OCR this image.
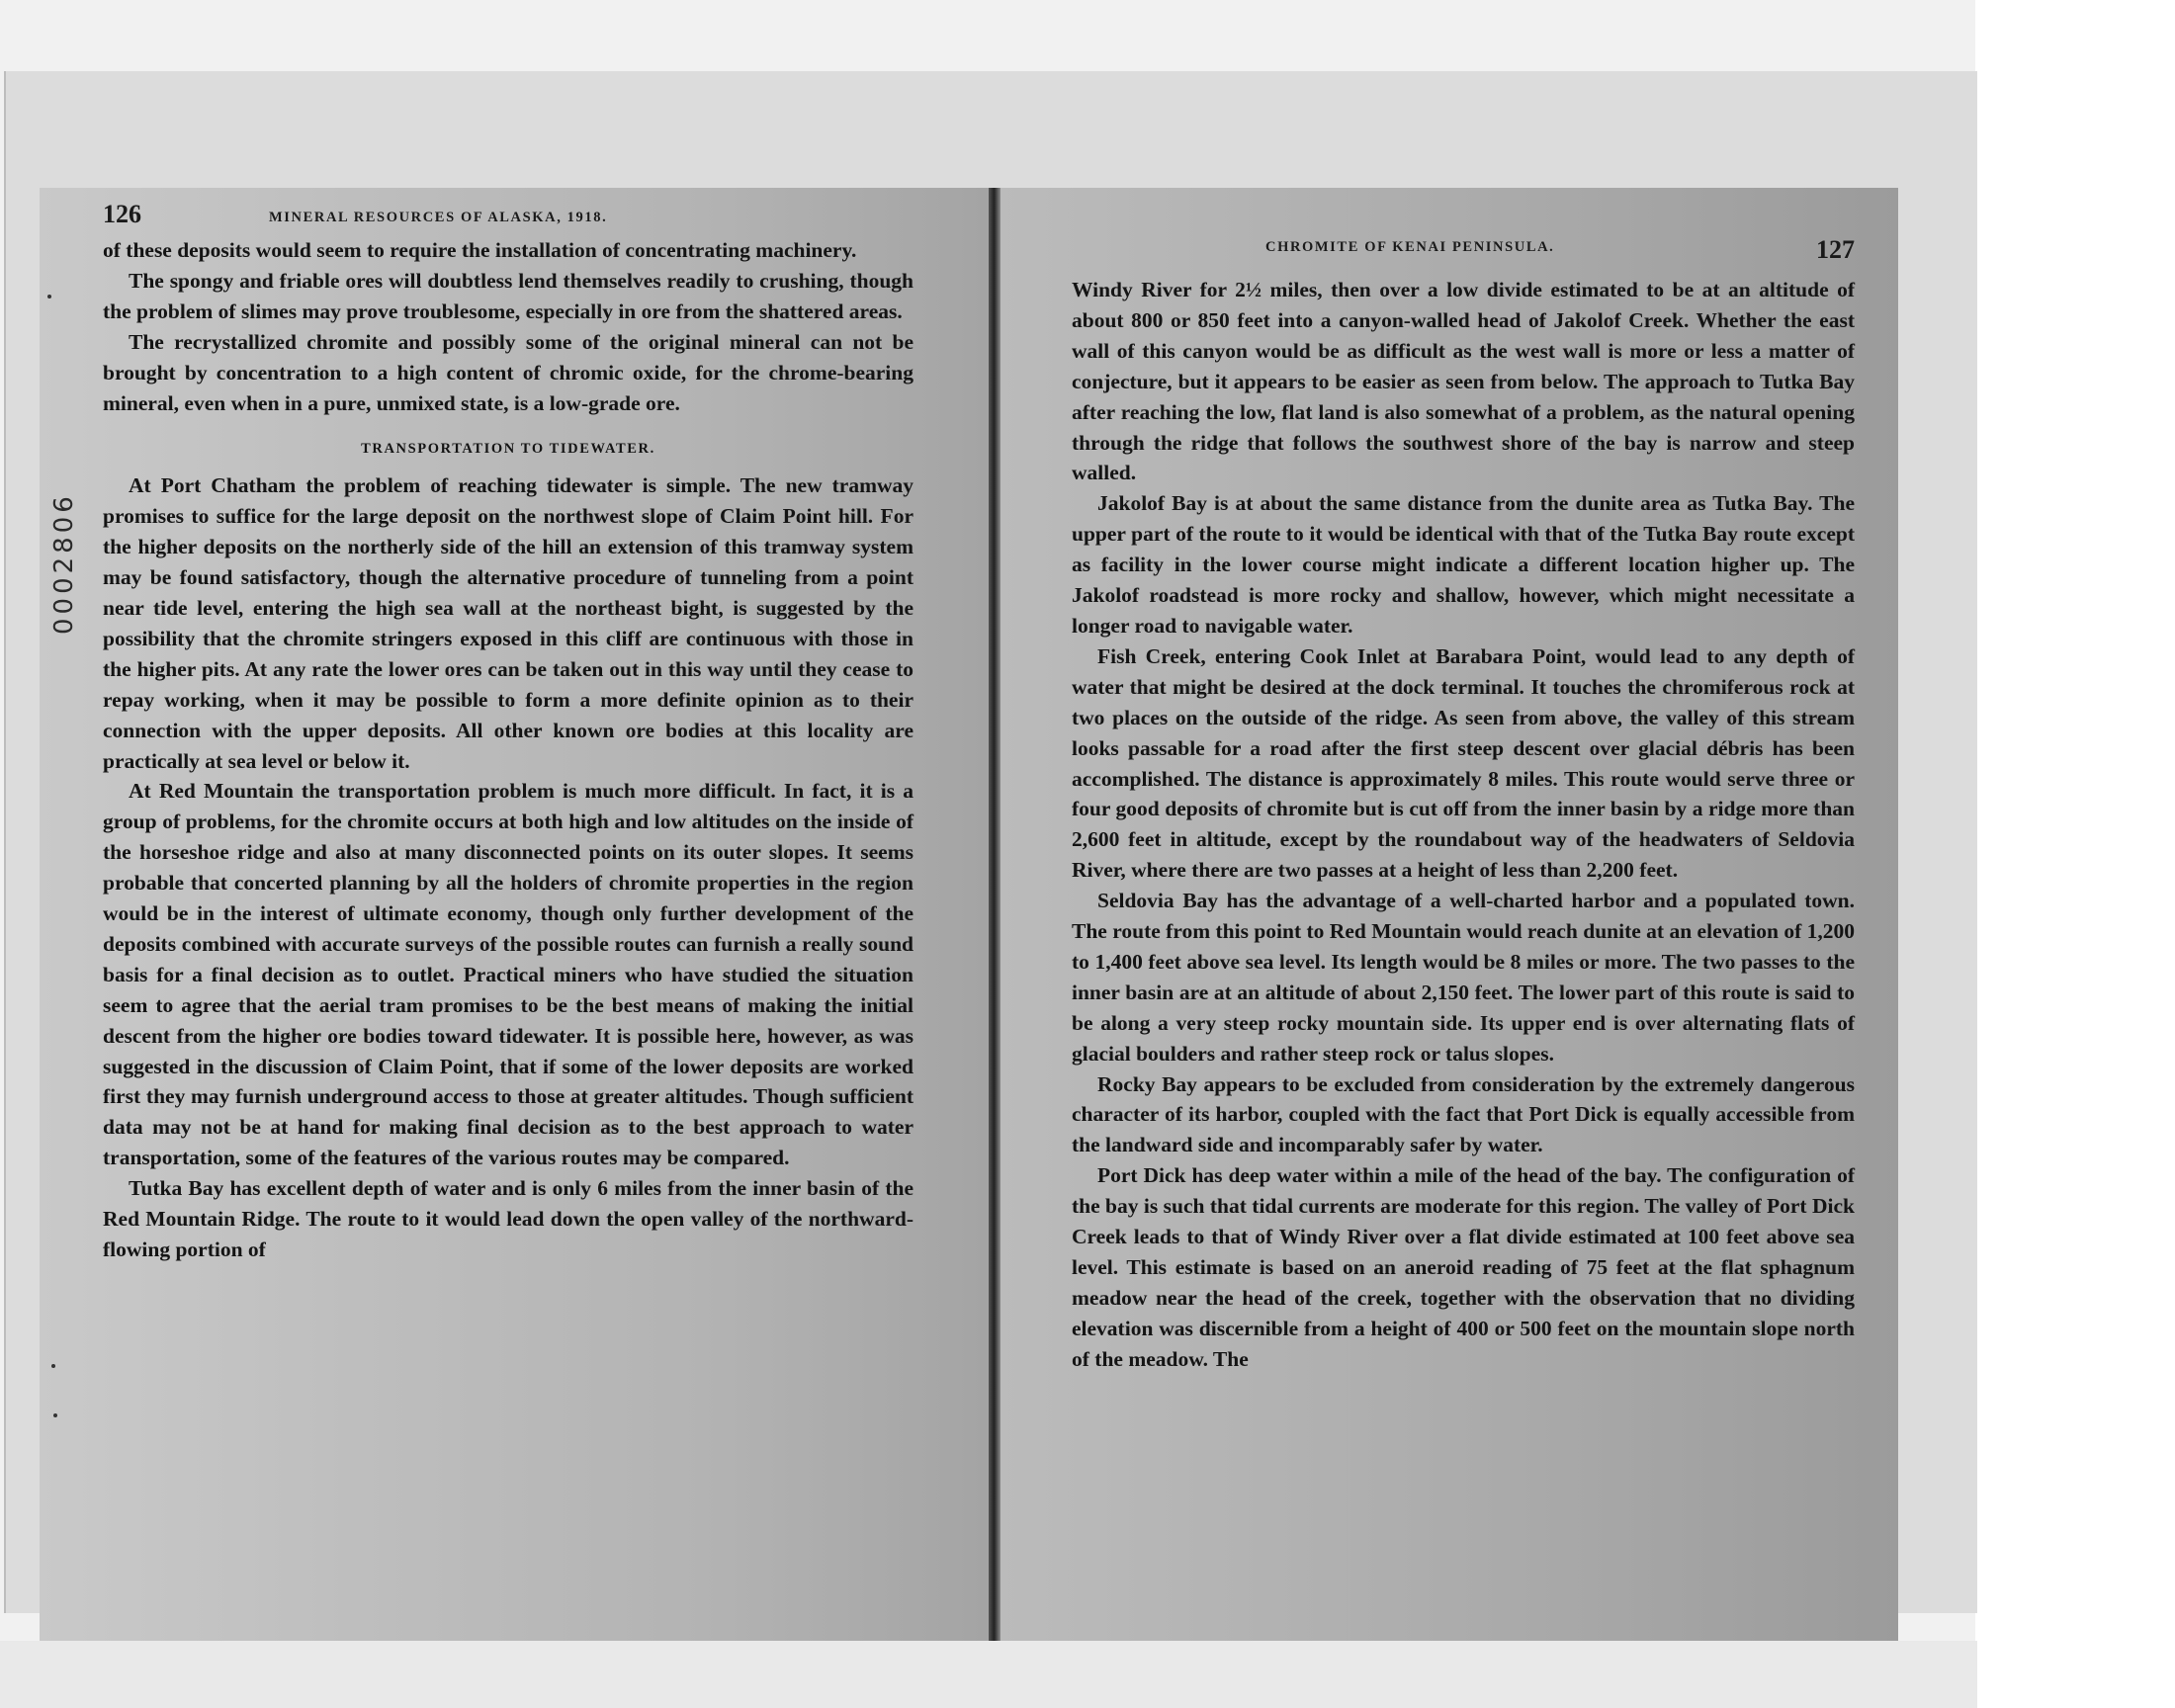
0002806
126	MINERAL RESOURCES OF ALASKA, 1918.

of these deposits would seem to require the installation of concentrating machinery.

The spongy and friable ores will doubtless lend themselves readily to crushing, though the problem of slimes may prove troublesome, especially in ore from the shattered areas.

The recrystallized chromite and possibly some of the original mineral can not be brought by concentration to a high content of chromic oxide, for the chrome-bearing mineral, even when in a pure, unmixed state, is a low-grade ore.

TRANSPORTATION TO TIDEWATER.

At Port Chatham the problem of reaching tidewater is simple. The new tramway promises to suffice for the large deposit on the northwest slope of Claim Point hill. For the higher deposits on the northerly side of the hill an extension of this tramway system may be found satisfactory, though the alternative procedure of tunneling from a point near tide level, entering the high sea wall at the northeast bight, is suggested by the possibility that the chromite stringers exposed in this cliff are continuous with those in the higher pits. At any rate the lower ores can be taken out in this way until they cease to repay working, when it may be possible to form a more definite opinion as to their connection with the upper deposits. All other known ore bodies at this locality are practically at sea level or below it.

At Red Mountain the transportation problem is much more difficult. In fact, it is a group of problems, for the chromite occurs at both high and low altitudes on the inside of the horseshoe ridge and also at many disconnected points on its outer slopes. It seems probable that concerted planning by all the holders of chromite properties in the region would be in the interest of ultimate economy, though only further development of the deposits combined with accurate surveys of the possible routes can furnish a really sound basis for a final decision as to outlet. Practical miners who have studied the situation seem to agree that the aerial tram promises to be the best means of making the initial descent from the higher ore bodies toward tidewater. It is possible here, however, as was suggested in the discussion of Claim Point, that if some of the lower deposits are worked first they may furnish underground access to those at greater altitudes. Though sufficient data may not be at hand for making final decision as to the best approach to water transportation, some of the features of the various routes may be compared.

Tutka Bay has excellent depth of water and is only 6 miles from the inner basin of the Red Mountain Ridge. The route to it would lead down the open valley of the northward-flowing portion of

CHROMITE OF KENAI PENINSULA.	127

Windy River for 2½ miles, then over a low divide estimated to be at an altitude of about 800 or 850 feet into a canyon-walled head of Jakolof Creek. Whether the east wall of this canyon would be as difficult as the west wall is more or less a matter of conjecture, but it appears to be easier as seen from below. The approach to Tutka Bay after reaching the low, flat land is also somewhat of a problem, as the natural opening through the ridge that follows the southwest shore of the bay is narrow and steep walled.

Jakolof Bay is at about the same distance from the dunite area as Tutka Bay. The upper part of the route to it would be identical with that of the Tutka Bay route except as facility in the lower course might indicate a different location higher up. The Jakolof roadstead is more rocky and shallow, however, which might necessitate a longer road to navigable water.

Fish Creek, entering Cook Inlet at Barabara Point, would lead to any depth of water that might be desired at the dock terminal. It touches the chromiferous rock at two places on the outside of the ridge. As seen from above, the valley of this stream looks passable for a road after the first steep descent over glacial débris has been accomplished. The distance is approximately 8 miles. This route would serve three or four good deposits of chromite but is cut off from the inner basin by a ridge more than 2,600 feet in altitude, except by the roundabout way of the headwaters of Seldovia River, where there are two passes at a height of less than 2,200 feet.

Seldovia Bay has the advantage of a well-charted harbor and a populated town. The route from this point to Red Mountain would reach dunite at an elevation of 1,200 to 1,400 feet above sea level. Its length would be 8 miles or more. The two passes to the inner basin are at an altitude of about 2,150 feet. The lower part of this route is said to be along a very steep rocky mountain side. Its upper end is over alternating flats of glacial boulders and rather steep rock or talus slopes.

Rocky Bay appears to be excluded from consideration by the extremely dangerous character of its harbor, coupled with the fact that Port Dick is equally accessible from the landward side and incomparably safer by water.

Port Dick has deep water within a mile of the head of the bay. The configuration of the bay is such that tidal currents are moderate for this region. The valley of Port Dick Creek leads to that of Windy River over a flat divide estimated at 100 feet above sea level. This estimate is based on an aneroid reading of 75 feet at the flat sphagnum meadow near the head of the creek, together with the observation that no dividing elevation was discernible from a height of 400 or 500 feet on the mountain slope north of the meadow. The
